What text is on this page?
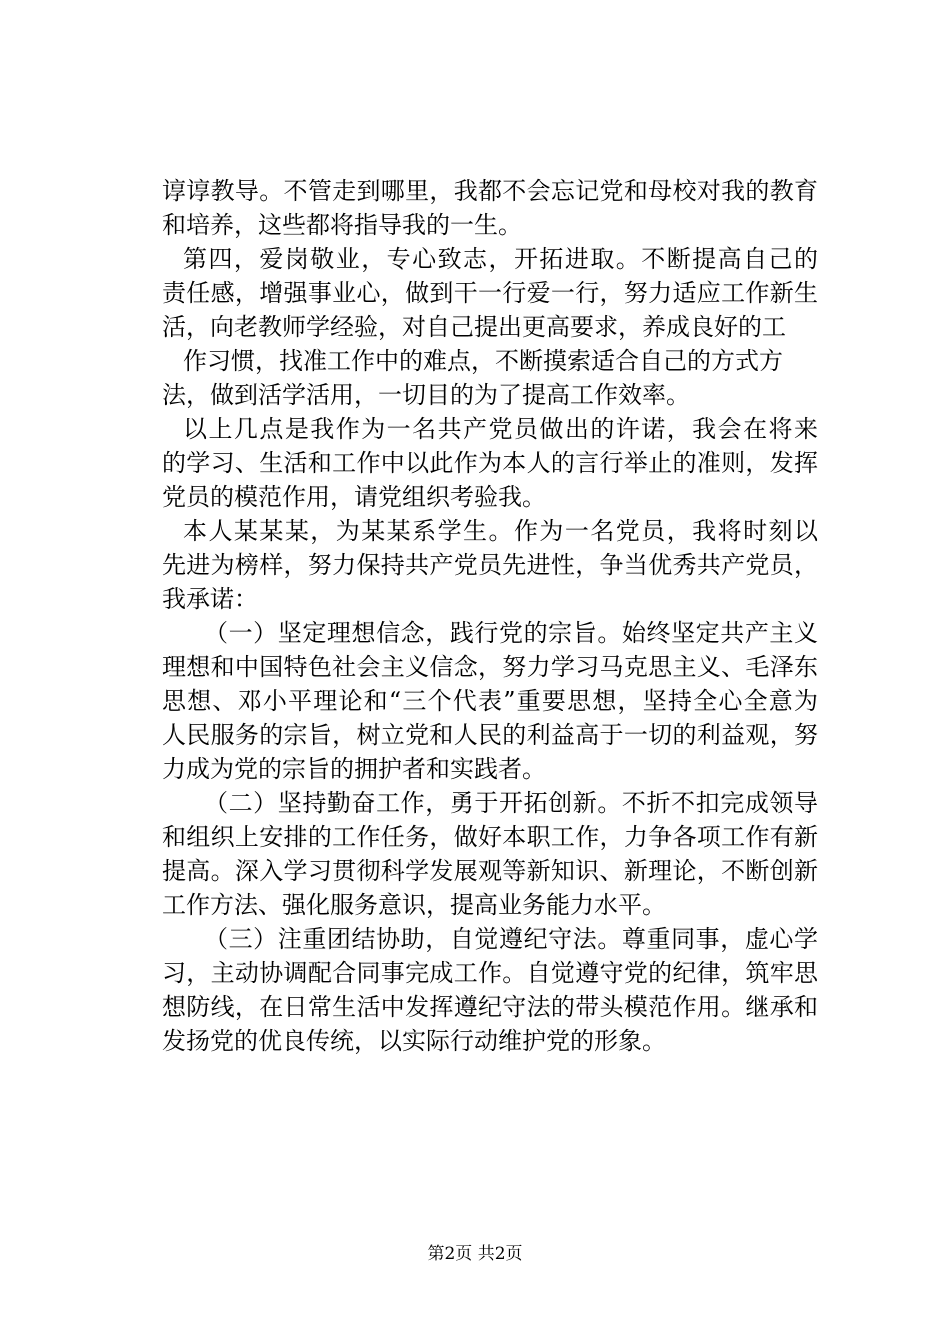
谆谆教导。不管走到哪里，我都不会忘记党和母校对我的教育
和培养，这些都将指导我的一生。
第四，爱岗敬业，专心致志，开拓进取。不断提高自己的
责任感，增强事业心，做到干一行爱一行，努力适应工作新生
活，向老教师学经验，对自己提出更高要求，养成良好的工
作习惯，找准工作中的难点，不断摸索适合自己的方式方
法，做到活学活用，一切目的为了提高工作效率。
以上几点是我作为一名共产党员做出的许诺，我会在将来
的学习、生活和工作中以此作为本人的言行举止的准则，发挥
党员的模范作用，请党组织考验我。
本人某某某，为某某系学生。作为一名党员，我将时刻以
先进为榜样，努力保持共产党员先进性，争当优秀共产党员，
我承诺：
（一）坚定理想信念，践行党的宗旨。始终坚定共产主义
理想和中国特色社会主义信念，努力学习马克思主义、毛泽东
思想、邓小平理论和“三个代表”重要思想，坚持全心全意为
人民服务的宗旨，树立党和人民的利益高于一切的利益观，努
力成为党的宗旨的拥护者和实践者。
（二）坚持勤奋工作，勇于开拓创新。不折不扣完成领导
和组织上安排的工作任务，做好本职工作，力争各项工作有新
提高。深入学习贯彻科学发展观等新知识、新理论，不断创新
工作方法、强化服务意识，提高业务能力水平。
（三）注重团结协助，自觉遵纪守法。尊重同事，虚心学
习，主动协调配合同事完成工作。自觉遵守党的纪律，筑牢思
想防线，在日常生活中发挥遵纪守法的带头模范作用。继承和
发扬党的优良传统，以实际行动维护党的形象。
第2页 共2页
